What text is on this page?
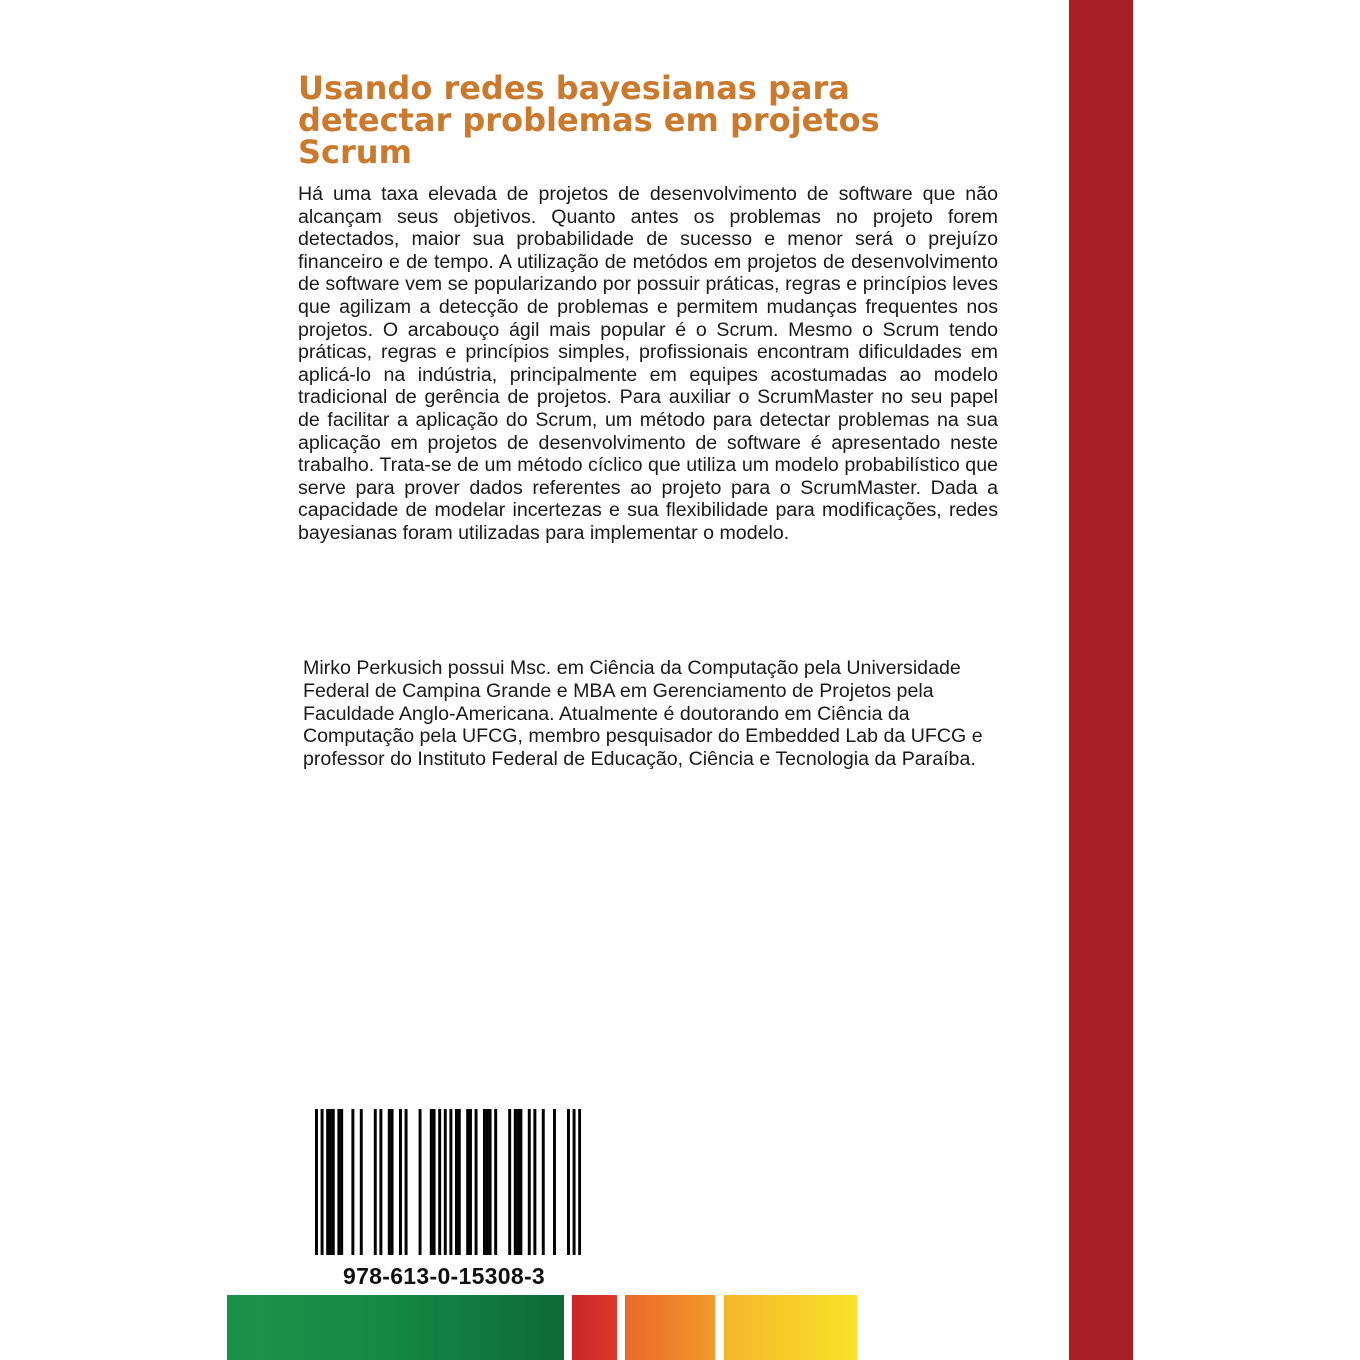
Usando redes bayesianas para detectar problemas em projetos Scrum

Há uma taxa elevada de projetos de desenvolvimento de software que não alcançam seus objetivos. Quanto antes os problemas no projeto forem detectados, maior sua probabilidade de sucesso e menor será o prejuízo financeiro e de tempo. A utilização de metódos em projetos de desenvolvimento de software vem se popularizando por possuir práticas, regras e princípios leves que agilizam a detecção de problemas e permitem mudanças frequentes nos projetos. O arcabouço ágil mais popular é o Scrum. Mesmo o Scrum tendo práticas, regras e princípios simples, profissionais encontram dificuldades em aplicá-lo na indústria, principalmente em equipes acostumadas ao modelo tradicional de gerência de projetos. Para auxiliar o ScrumMaster no seu papel de facilitar a aplicação do Scrum, um método para detectar problemas na sua aplicação em projetos de desenvolvimento de software é apresentado neste trabalho. Trata-se de um método cíclico que utiliza um modelo probabilístico que serve para prover dados referentes ao projeto para o ScrumMaster. Dada a capacidade de modelar incertezas e sua flexibilidade para modificações, redes bayesianas foram utilizadas para implementar o modelo.

Mirko Perkusich possui Msc. em Ciência da Computação pela Universidade Federal de Campina Grande e MBA em Gerenciamento de Projetos pela Faculdade Anglo-Americana. Atualmente é doutorando em Ciência da Computação pela UFCG, membro pesquisador do Embedded Lab da UFCG e professor do Instituto Federal de Educação, Ciência e Tecnologia da Paraíba.

978-613-0-15308-3
